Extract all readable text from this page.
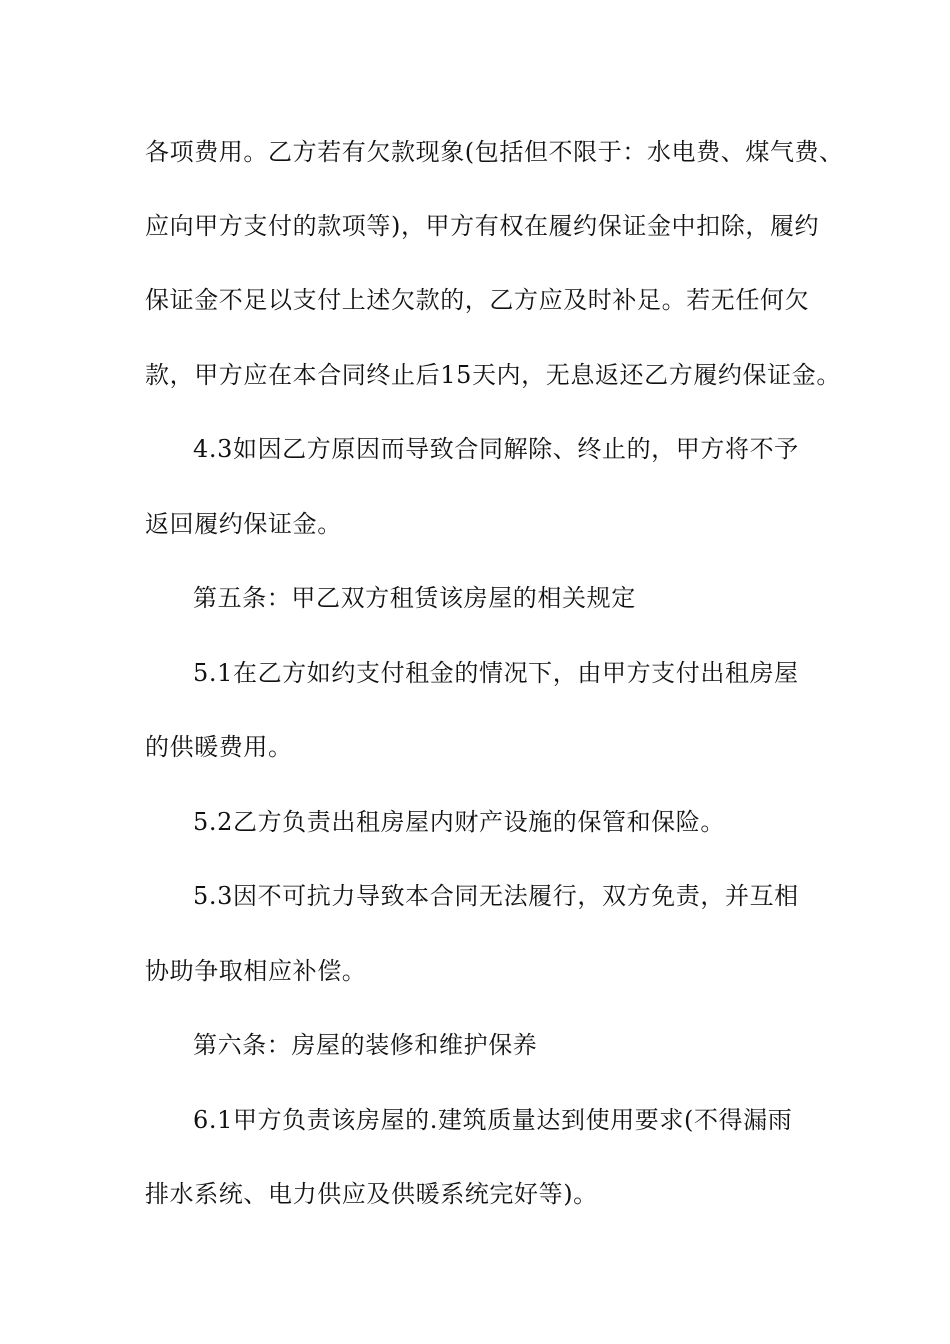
各项费用。乙方若有欠款现象(包括但不限于：水电费、煤气费、
应向甲方支付的款项等)，甲方有权在履约保证金中扣除，履约
保证金不足以支付上述欠款的，乙方应及时补足。若无任何欠
款，甲方应在本合同终止后15天内，无息返还乙方履约保证金。
4.3如因乙方原因而导致合同解除、终止的，甲方将不予
返回履约保证金。
第五条：甲乙双方租赁该房屋的相关规定
5.1在乙方如约支付租金的情况下，由甲方支付出租房屋
的供暖费用。
5.2乙方负责出租房屋内财产设施的保管和保险。
5.3因不可抗力导致本合同无法履行，双方免责，并互相
协助争取相应补偿。
第六条：房屋的装修和维护保养
6.1甲方负责该房屋的.建筑质量达到使用要求(不得漏雨
排水系统、电力供应及供暖系统完好等)。
